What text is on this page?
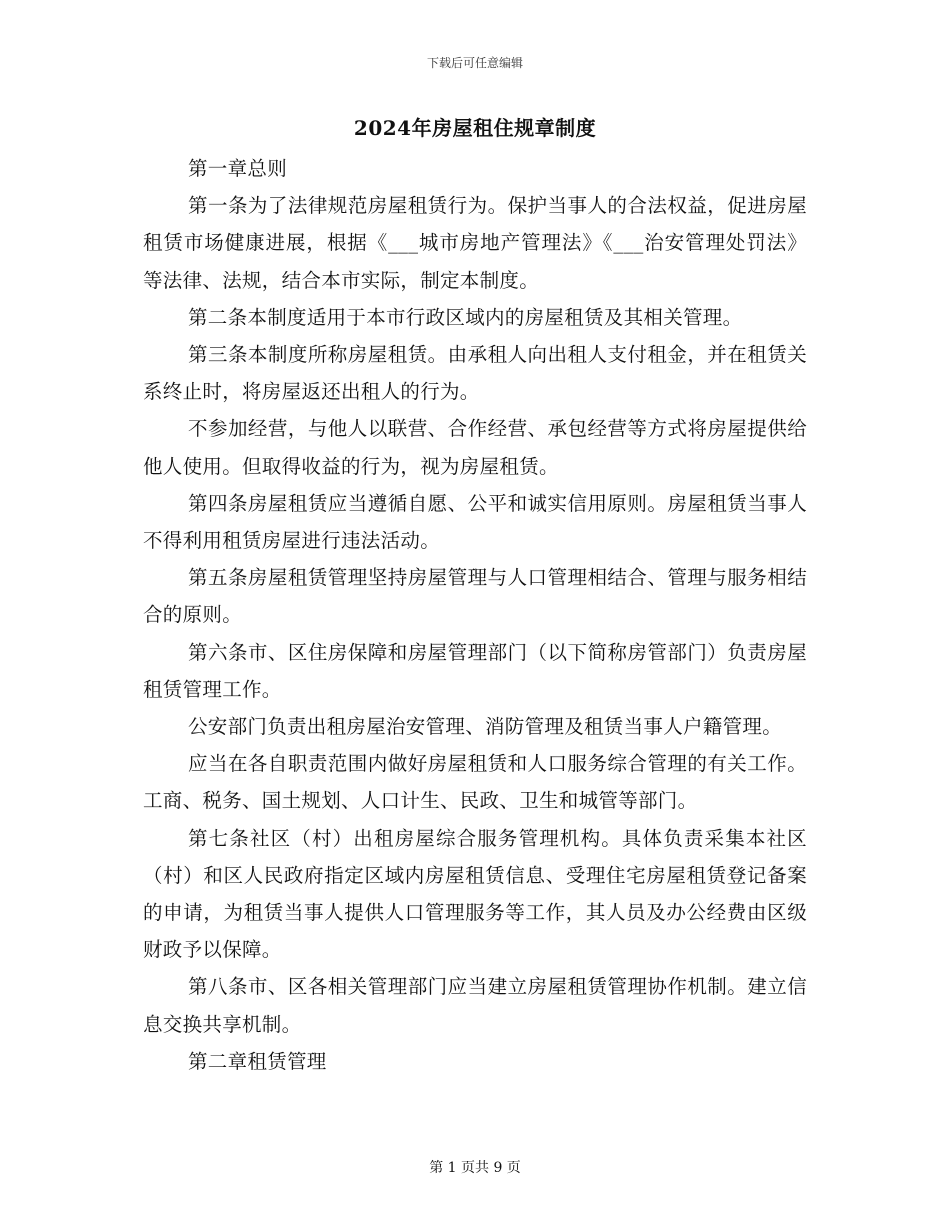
下载后可任意编辑
2024年房屋租住规章制度

第一章总则

第一条为了法律规范房屋租赁行为。保护当事人的合法权益，促进房屋租赁市场健康进展，根据《___城市房地产管理法》《___治安管理处罚法》等法律、法规，结合本市实际，制定本制度。

第二条本制度适用于本市行政区域内的房屋租赁及其相关管理。

第三条本制度所称房屋租赁。由承租人向出租人支付租金，并在租赁关系终止时，将房屋返还出租人的行为。

不参加经营，与他人以联营、合作经营、承包经营等方式将房屋提供给他人使用。但取得收益的行为，视为房屋租赁。

第四条房屋租赁应当遵循自愿、公平和诚实信用原则。房屋租赁当事人不得利用租赁房屋进行违法活动。

第五条房屋租赁管理坚持房屋管理与人口管理相结合、管理与服务相结合的原则。

第六条市、区住房保障和房屋管理部门（以下简称房管部门）负责房屋租赁管理工作。

公安部门负责出租房屋治安管理、消防管理及租赁当事人户籍管理。

应当在各自职责范围内做好房屋租赁和人口服务综合管理的有关工作。工商、税务、国土规划、人口计生、民政、卫生和城管等部门。

第七条社区（村）出租房屋综合服务管理机构。具体负责采集本社区（村）和区人民政府指定区域内房屋租赁信息、受理住宅房屋租赁登记备案的申请，为租赁当事人提供人口管理服务等工作，其人员及办公经费由区级财政予以保障。

第八条市、区各相关管理部门应当建立房屋租赁管理协作机制。建立信息交换共享机制。

第二章租赁管理

第 1 页共 9 页
